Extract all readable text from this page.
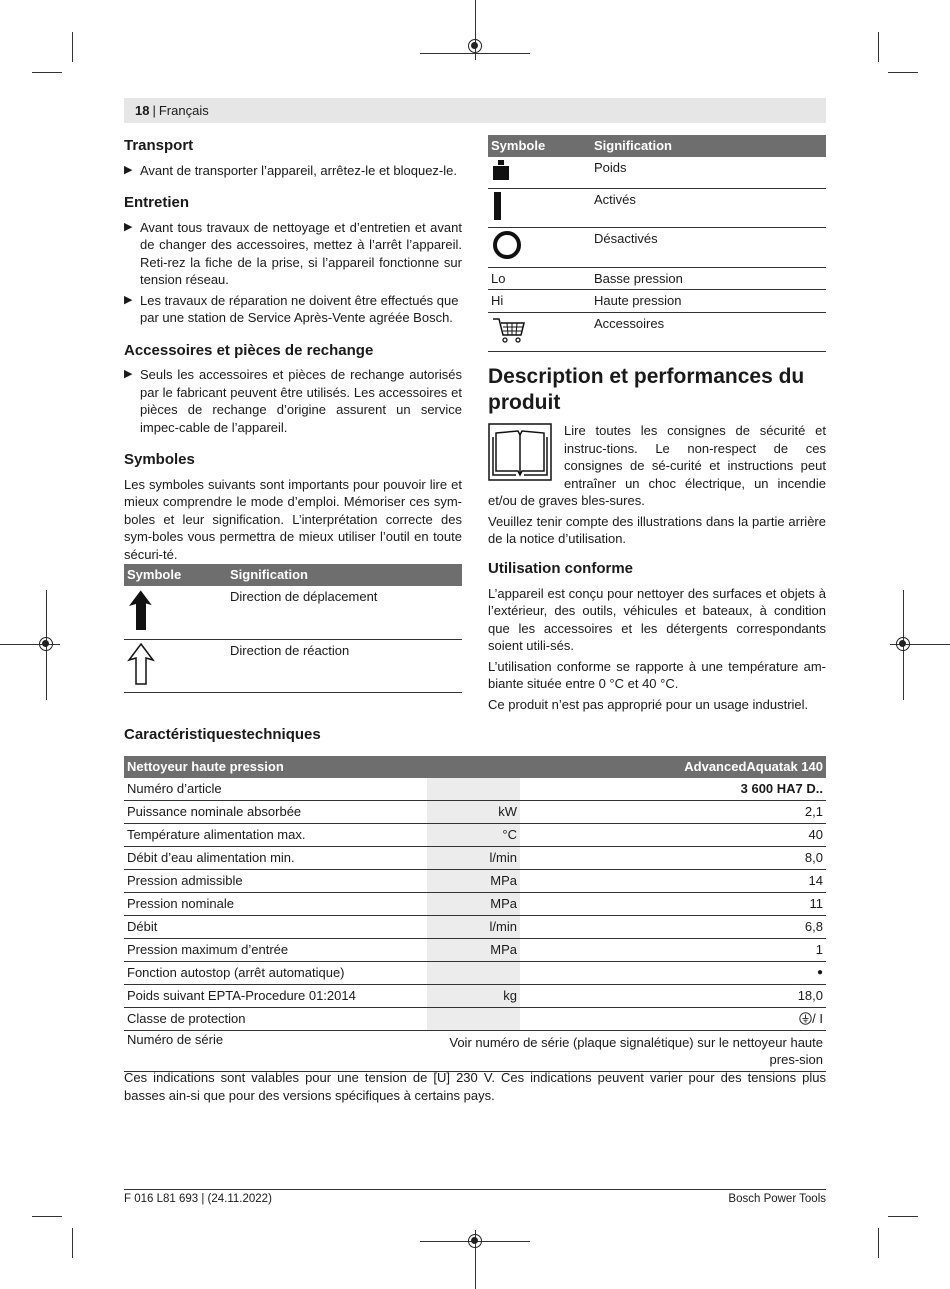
18 | Français
Transport
▶ Avant de transporter l’appareil, arrêtez-le et bloquez-le.
Entretien
▶ Avant tous travaux de nettoyage et d’entretien et avant de changer des accessoires, mettez à l’arrêt l’appareil. Reti-rez la fiche de la prise, si l’appareil fonctionne sur tension réseau.
▶ Les travaux de réparation ne doivent être effectués que par une station de Service Après-Vente agréée Bosch.
Accessoires et pièces de rechange
▶ Seuls les accessoires et pièces de rechange autorisés par le fabricant peuvent être utilisés. Les accessoires et pièces de rechange d’origine assurent un service impec-cable de l’appareil.
Symboles
Les symboles suivants sont importants pour pouvoir lire et mieux comprendre le mode d’emploi. Mémoriser ces sym-boles et leur signification. L’interprétation correcte des sym-boles vous permettra de mieux utiliser l’outil en toute sécuri-té.
Symbole	Signification
	Direction de déplacement
	Direction de réaction
Symbole	Signification
	Poids
	Activés
	Désactivés
Lo	Basse pression
Hi	Haute pression
	Accessoires
Description et performances du produit
Lire toutes les consignes de sécurité et instruc-tions. Le non-respect de ces consignes de sé-curité et instructions peut entraîner un choc électrique, un incendie et/ou de graves bles-sures.
Veuillez tenir compte des illustrations dans la partie arrière de la notice d’utilisation.
Utilisation conforme
L’appareil est conçu pour nettoyer des surfaces et objets à l’extérieur, des outils, véhicules et bateaux, à condition que les accessoires et les détergents correspondants soient utili-sés.
L’utilisation conforme se rapporte à une température am-biante située entre 0 °C et 40 °C.
Ce produit n’est pas approprié pour un usage industriel.
Caractéristiquestechniques
Nettoyeur haute pression		AdvancedAquatak 140
Numéro d’article		3 600 HA7 D..
Puissance nominale absorbée	kW	2,1
Température alimentation max.	°C	40
Débit d’eau alimentation min.	l/min	8,0
Pression admissible	MPa	14
Pression nominale	MPa	11
Débit	l/min	6,8
Pression maximum d’entrée	MPa	1
Fonction autostop (arrêt automatique)		●
Poids suivant EPTA-Procedure 01:2014	kg	18,0
Classe de protection		/ I
Numéro de série	Voir numéro de série (plaque signalétique) sur le nettoyeur haute pres-sion	
Ces indications sont valables pour une tension de [U] 230 V. Ces indications peuvent varier pour des tensions plus basses ain-si que pour des versions spécifiques à certains pays.
F 016 L81 693 | (24.11.2022)	Bosch Power Tools
